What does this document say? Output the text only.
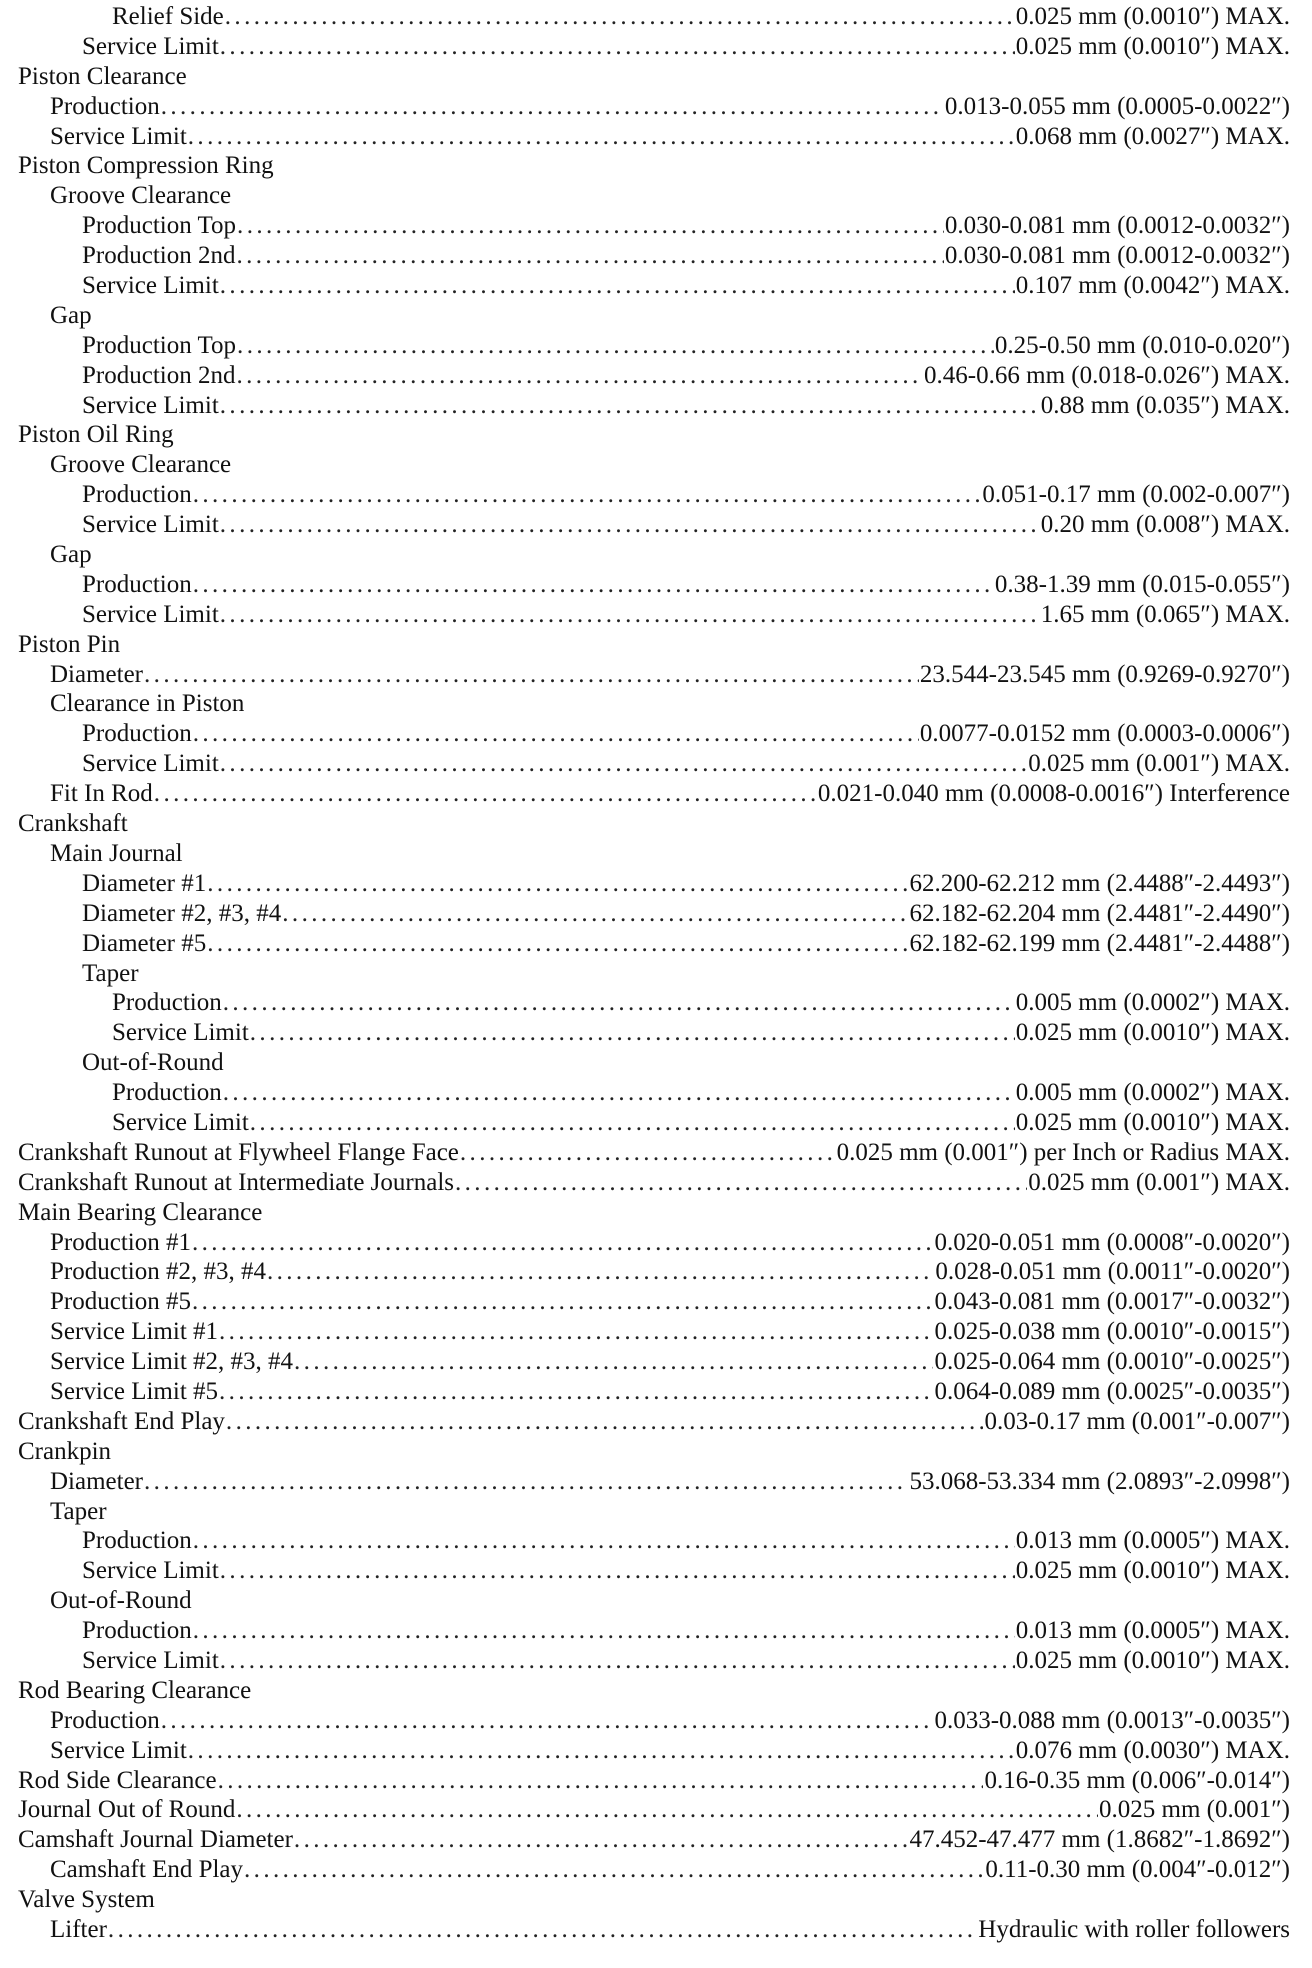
Relief Side .....	0.025 mm (0.0010″) MAX.
Service Limit .....	0.025 mm (0.0010″) MAX.
Piston Clearance
Production .....	0.013-0.055 mm (0.0005-0.0022″)
Service Limit .....	0.068 mm (0.0027″) MAX.
Piston Compression Ring
Groove Clearance
Production Top .....	0.030-0.081 mm (0.0012-0.0032″)
Production 2nd .....	0.030-0.081 mm (0.0012-0.0032″)
Service Limit .....	0.107 mm (0.0042″) MAX.
Gap
Production Top .....	0.25-0.50 mm (0.010-0.020″)
Production 2nd .....	0.46-0.66 mm (0.018-0.026″) MAX.
Service Limit .....	0.88 mm (0.035″) MAX.
Piston Oil Ring
Groove Clearance
Production .....	0.051-0.17 mm (0.002-0.007″)
Service Limit .....	0.20 mm (0.008″) MAX.
Gap
Production .....	0.38-1.39 mm (0.015-0.055″)
Service Limit .....	1.65 mm (0.065″) MAX.
Piston Pin
Diameter .....	23.544-23.545 mm (0.9269-0.9270″)
Clearance in Piston
Production .....	0.0077-0.0152 mm (0.0003-0.0006″)
Service Limit .....	0.025 mm (0.001″) MAX.
Fit In Rod .....	0.021-0.040 mm (0.0008-0.0016″) Interference
Crankshaft
Main Journal
Diameter #1 .....	62.200-62.212 mm (2.4488″-2.4493″)
Diameter #2, #3, #4 .....	62.182-62.204 mm (2.4481″-2.4490″)
Diameter #5 .....	62.182-62.199 mm (2.4481″-2.4488″)
Taper
Production .....	0.005 mm (0.0002″) MAX.
Service Limit .....	0.025 mm (0.0010″) MAX.
Out-of-Round
Production .....	0.005 mm (0.0002″) MAX.
Service Limit .....	0.025 mm (0.0010″) MAX.
Crankshaft Runout at Flywheel Flange Face .....	0.025 mm (0.001″) per Inch or Radius MAX.
Crankshaft Runout at Intermediate Journals .....	0.025 mm (0.001″) MAX.
Main Bearing Clearance
Production #1 .....	0.020-0.051 mm (0.0008″-0.0020″)
Production #2, #3, #4 .....	0.028-0.051 mm (0.0011″-0.0020″)
Production #5 .....	0.043-0.081 mm (0.0017″-0.0032″)
Service Limit #1 .....	0.025-0.038 mm (0.0010″-0.0015″)
Service Limit #2, #3, #4 .....	0.025-0.064 mm (0.0010″-0.0025″)
Service Limit #5 .....	0.064-0.089 mm (0.0025″-0.0035″)
Crankshaft End Play .....	0.03-0.17 mm (0.001″-0.007″)
Crankpin
Diameter .....	53.068-53.334 mm (2.0893″-2.0998″)
Taper
Production .....	0.013 mm (0.0005″) MAX.
Service Limit .....	0.025 mm (0.0010″) MAX.
Out-of-Round
Production .....	0.013 mm (0.0005″) MAX.
Service Limit .....	0.025 mm (0.0010″) MAX.
Rod Bearing Clearance
Production .....	0.033-0.088 mm (0.0013″-0.0035″)
Service Limit .....	0.076 mm (0.0030″) MAX.
Rod Side Clearance .....	0.16-0.35 mm (0.006″-0.014″)
Journal Out of Round .....	0.025 mm (0.001″)
Camshaft Journal Diameter .....	47.452-47.477 mm (1.8682″-1.8692″)
Camshaft End Play .....	0.11-0.30 mm (0.004″-0.012″)
Valve System
Lifter .....	Hydraulic with roller followers
